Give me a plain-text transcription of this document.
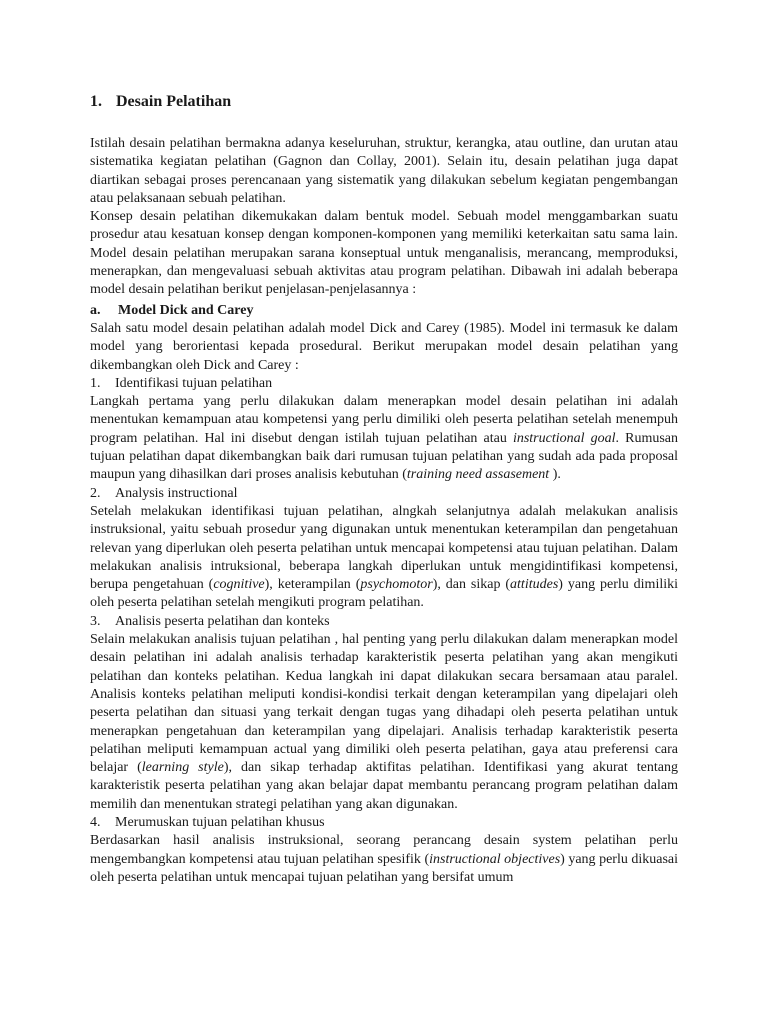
1. Desain Pelatihan

Istilah desain pelatihan bermakna adanya keseluruhan, struktur, kerangka, atau outline, dan urutan atau sistematika kegiatan pelatihan (Gagnon dan Collay, 2001). Selain itu, desain pelatihan juga dapat diartikan sebagai proses perencanaan yang sistematik yang dilakukan sebelum kegiatan pengembangan atau pelaksanaan sebuah pelatihan.

Konsep desain pelatihan dikemukakan dalam bentuk model. Sebuah model menggambarkan suatu prosedur atau kesatuan konsep dengan komponen-komponen yang memiliki keterkaitan satu sama lain. Model desain pelatihan merupakan sarana konseptual untuk menganalisis, merancang, memproduksi, menerapkan, dan mengevaluasi sebuah aktivitas atau program pelatihan. Dibawah ini adalah beberapa model desain pelatihan berikut penjelasan-penjelasannya :

a. Model Dick and Carey

Salah satu model desain pelatihan adalah model Dick and Carey (1985). Model ini termasuk ke dalam model yang berorientasi kepada prosedural. Berikut merupakan model desain pelatihan yang dikembangkan oleh Dick and Carey :

1. Identifikasi tujuan pelatihan

Langkah pertama yang perlu dilakukan dalam menerapkan model desain pelatihan ini adalah menentukan kemampuan atau kompetensi yang perlu dimiliki oleh peserta pelatihan setelah menempuh program pelatihan. Hal ini disebut dengan istilah tujuan pelatihan atau instructional goal. Rumusan tujuan pelatihan dapat dikembangkan baik dari rumusan tujuan pelatihan yang sudah ada pada proposal maupun yang dihasilkan dari proses analisis kebutuhan (training need assasement ).

2. Analysis instructional

Setelah melakukan identifikasi tujuan pelatihan, alngkah selanjutnya adalah melakukan analisis instruksional, yaitu sebuah prosedur yang digunakan untuk menentukan keterampilan dan pengetahuan relevan yang diperlukan oleh peserta pelatihan untuk mencapai kompetensi atau tujuan pelatihan. Dalam melakukan analisis intruksional, beberapa langkah diperlukan untuk mengidintifikasi kompetensi, berupa pengetahuan (cognitive), keterampilan (psychomotor), dan sikap (attitudes) yang perlu dimiliki oleh peserta pelatihan setelah mengikuti program pelatihan.

3. Analisis peserta pelatihan dan konteks

Selain melakukan analisis tujuan pelatihan , hal penting yang perlu dilakukan dalam menerapkan model desain pelatihan ini adalah analisis terhadap karakteristik peserta pelatihan yang akan mengikuti pelatihan dan konteks pelatihan. Kedua langkah ini dapat dilakukan secara bersamaan atau paralel. Analisis konteks pelatihan meliputi kondisi-kondisi terkait dengan keterampilan yang dipelajari oleh peserta pelatihan dan situasi yang terkait dengan tugas yang dihadapi oleh peserta pelatihan untuk menerapkan pengetahuan dan keterampilan yang dipelajari. Analisis terhadap karakteristik peserta pelatihan meliputi kemampuan actual yang dimiliki oleh peserta pelatihan, gaya atau preferensi cara belajar (learning style), dan sikap terhadap aktifitas pelatihan. Identifikasi yang akurat tentang karakteristik peserta pelatihan yang akan belajar dapat membantu perancang program pelatihan dalam memilih dan menentukan strategi pelatihan yang akan digunakan.

4. Merumuskan tujuan pelatihan khusus

Berdasarkan hasil analisis instruksional, seorang perancang desain system pelatihan perlu mengembangkan kompetensi atau tujuan pelatihan spesifik (instructional objectives) yang perlu dikuasai oleh peserta pelatihan untuk mencapai tujuan pelatihan yang bersifat umum
